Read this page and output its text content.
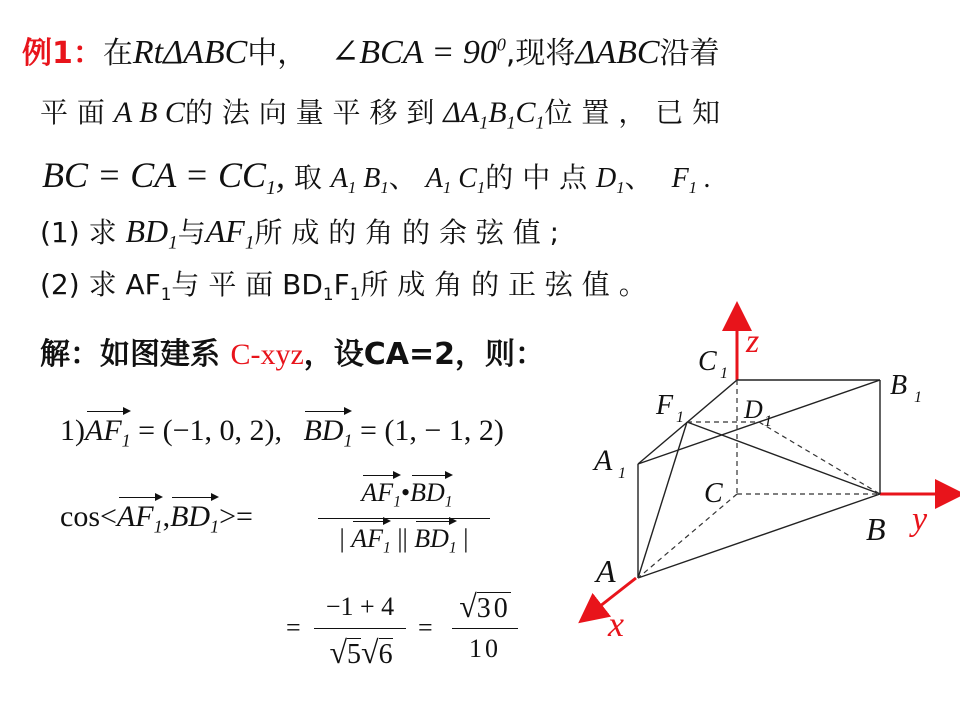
例1：在RtΔABC中， ∠BCA = $90^0$,现将ΔABC沿着
平 面 A B C的 法 向 量 平 移 到 $\Delta A_1B_1C_1$位 置 ， 已 知
BC = CA = $CC_1$, 取 $A_1$ $B_1$、 $A_1$ $C_1$的 中 点 $D_1$、 $F_1$ .
(1) 求 $BD_1$与$AF_1$所 成 的 角 的 余 弦 值 ;
(2) 求 $AF_1$与 平 面 $BD_1F_1$所 成 角 的 正 弦 值 。
解：如图建系 C-xyz，设CA=2，则：
$1)AF_1 = (-1$, 0, 2), $BD_1 = (1$, − 1, 2)
$\cos<AF_1,BD_1>=$
$AF_1•BD_1$
| $AF_1$ || $BD_1$ |
=
−1 + 4
√5√6
=
√30
10
z
y
x
C 1	B 1
F 1 D 1
A 1
C
B
A
